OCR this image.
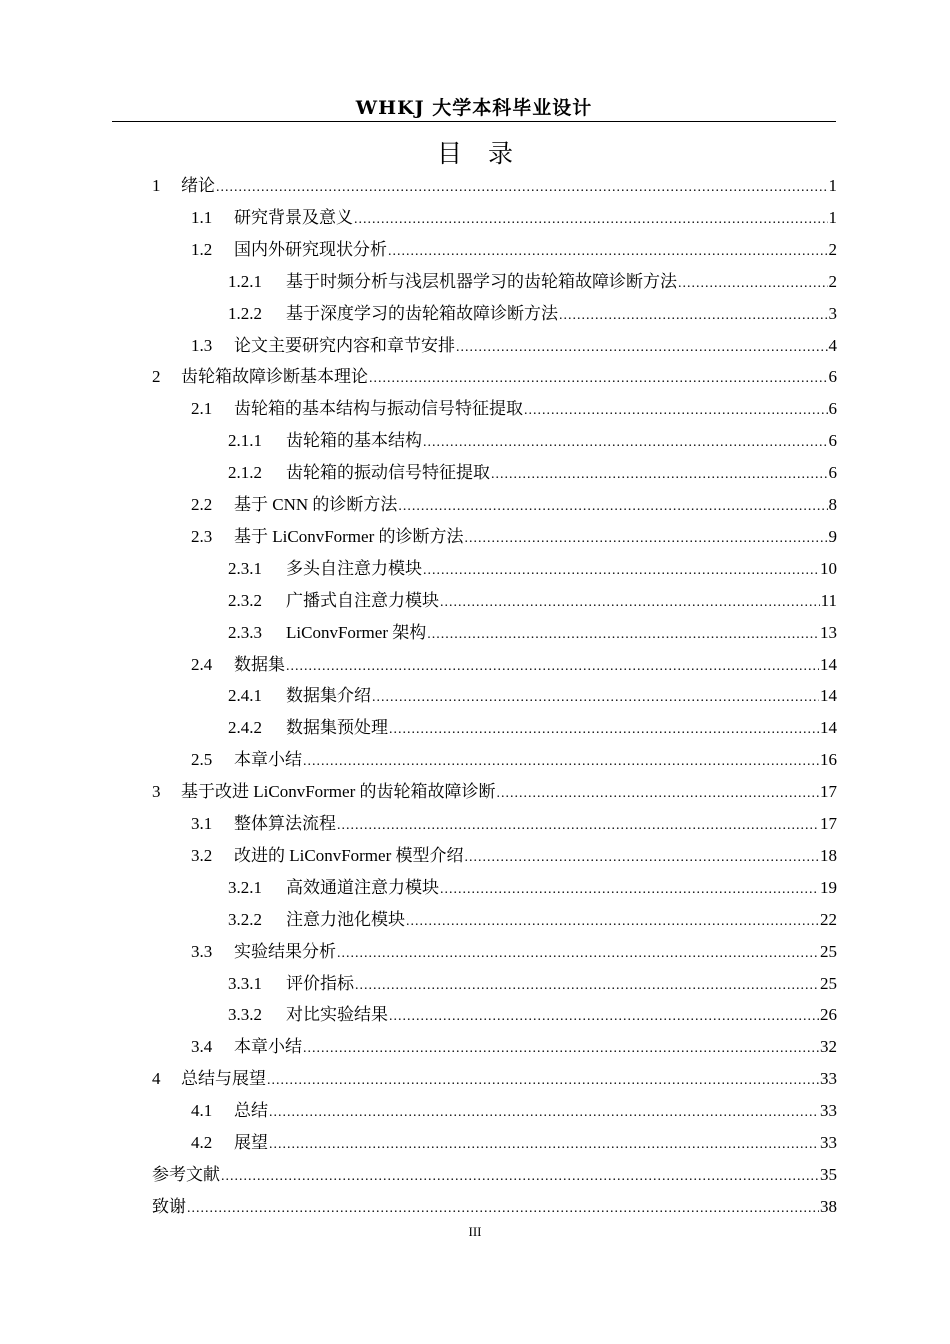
WHKJ 大学本科毕业设计
目 录
1	绪论 .....	1
1.1	研究背景及意义 .....	1
1.2	国内外研究现状分析 .....	2
1.2.1	基于时频分析与浅层机器学习的齿轮箱故障诊断方法 .....	2
1.2.2	基于深度学习的齿轮箱故障诊断方法 .....	3
1.3	论文主要研究内容和章节安排 .....	4
2	齿轮箱故障诊断基本理论 .....	6
2.1	齿轮箱的基本结构与振动信号特征提取 .....	6
2.1.1	齿轮箱的基本结构 .....	6
2.1.2	齿轮箱的振动信号特征提取 .....	6
2.2	基于 CNN 的诊断方法 .....	8
2.3	基于 LiConvFormer 的诊断方法 .....	9
2.3.1	多头自注意力模块 .....	10
2.3.2	广播式自注意力模块 .....	11
2.3.3	LiConvFormer 架构 .....	13
2.4	数据集 .....	14
2.4.1	数据集介绍 .....	14
2.4.2	数据集预处理 .....	14
2.5	本章小结 .....	16
3	基于改进 LiConvFormer 的齿轮箱故障诊断 .....	17
3.1	整体算法流程 .....	17
3.2	改进的 LiConvFormer 模型介绍 .....	18
3.2.1	高效通道注意力模块 .....	19
3.2.2	注意力池化模块 .....	22
3.3	实验结果分析 .....	25
3.3.1	评价指标 .....	25
3.3.2	对比实验结果 .....	26
3.4	本章小结 .....	32
4	总结与展望 .....	33
4.1	总结 .....	33
4.2	展望 .....	33
参考文献 .....	35
致谢 .....	38
III
